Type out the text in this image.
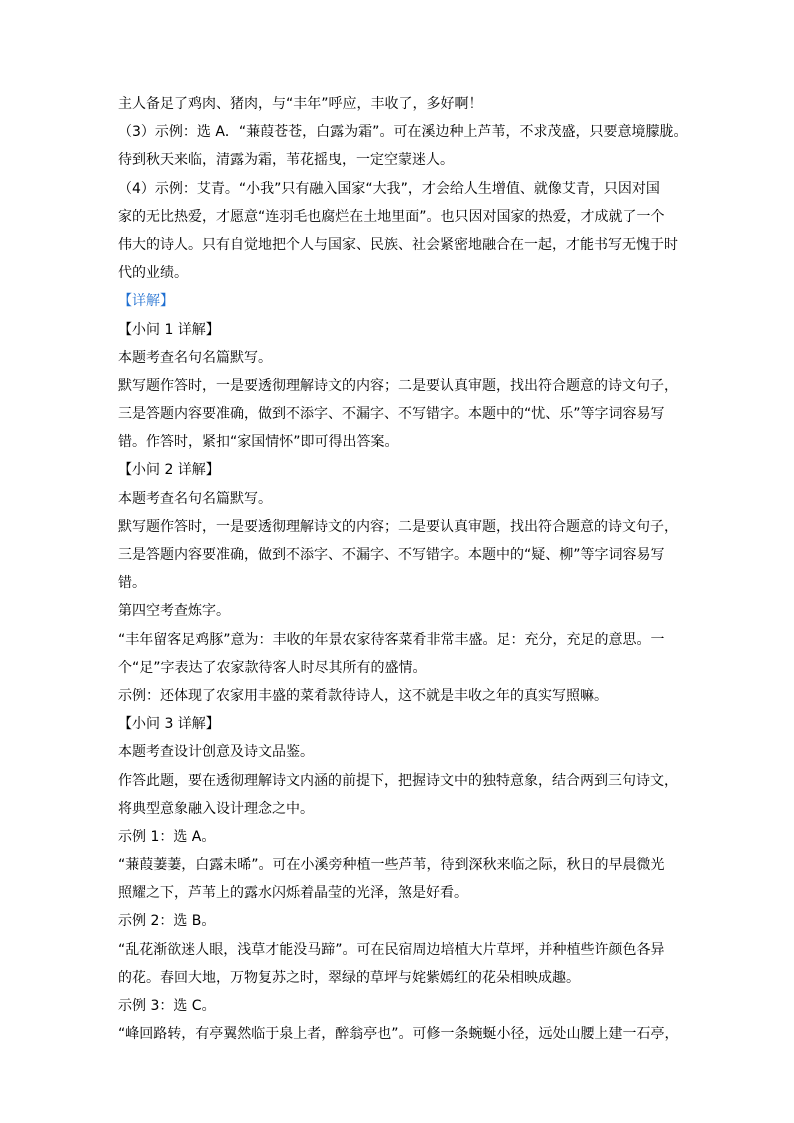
主人备足了鸡肉、猪肉，与“丰年”呼应，丰收了，多好啊！
（3）示例：选 A．“蒹葭苍苍，白露为霜”。可在溪边种上芦苇，不求茂盛，只要意境朦胧。
待到秋天来临，清露为霜，苇花摇曳，一定空蒙迷人。
（4）示例：艾青。“小我”只有融入国家“大我”，才会给人生增值、就像艾青，只因对国
家的无比热爱，才愿意“连羽毛也腐烂在土地里面”。也只因对国家的热爱，才成就了一个
伟大的诗人。只有自觉地把个人与国家、民族、社会紧密地融合在一起，才能书写无愧于时
代的业绩。
【详解】
【小问 1 详解】
本题考查名句名篇默写。
默写题作答时，一是要透彻理解诗文的内容；二是要认真审题，找出符合题意的诗文句子，
三是答题内容要准确，做到不添字、不漏字、不写错字。本题中的“忧、乐”等字词容易写
错。作答时，紧扣“家国情怀”即可得出答案。
【小问 2 详解】
本题考查名句名篇默写。
默写题作答时，一是要透彻理解诗文的内容；二是要认真审题，找出符合题意的诗文句子，
三是答题内容要准确，做到不添字、不漏字、不写错字。本题中的“疑、柳”等字词容易写
错。
第四空考查炼字。
“丰年留客足鸡豚”意为：丰收的年景农家待客菜肴非常丰盛。足：充分，充足的意思。一
个“足”字表达了农家款待客人时尽其所有的盛情。
示例：还体现了农家用丰盛的菜肴款待诗人，这不就是丰收之年的真实写照嘛。
【小问 3 详解】
本题考查设计创意及诗文品鉴。
作答此题，要在透彻理解诗文内涵的前提下，把握诗文中的独特意象，结合两到三句诗文，
将典型意象融入设计理念之中。
示例 1：选 A。
“蒹葭萋萋，白露未晞”。可在小溪旁种植一些芦苇，待到深秋来临之际，秋日的早晨微光
照耀之下，芦苇上的露水闪烁着晶莹的光泽，煞是好看。
示例 2：选 B。
“乱花渐欲迷人眼，浅草才能没马蹄”。可在民宿周边培植大片草坪，并种植些许颜色各异
的花。春回大地，万物复苏之时，翠绿的草坪与姹紫嫣红的花朵相映成趣。
示例 3：选 C。
“峰回路转，有亭翼然临于泉上者，醉翁亭也”。可修一条蜿蜒小径，远处山腰上建一石亭，
